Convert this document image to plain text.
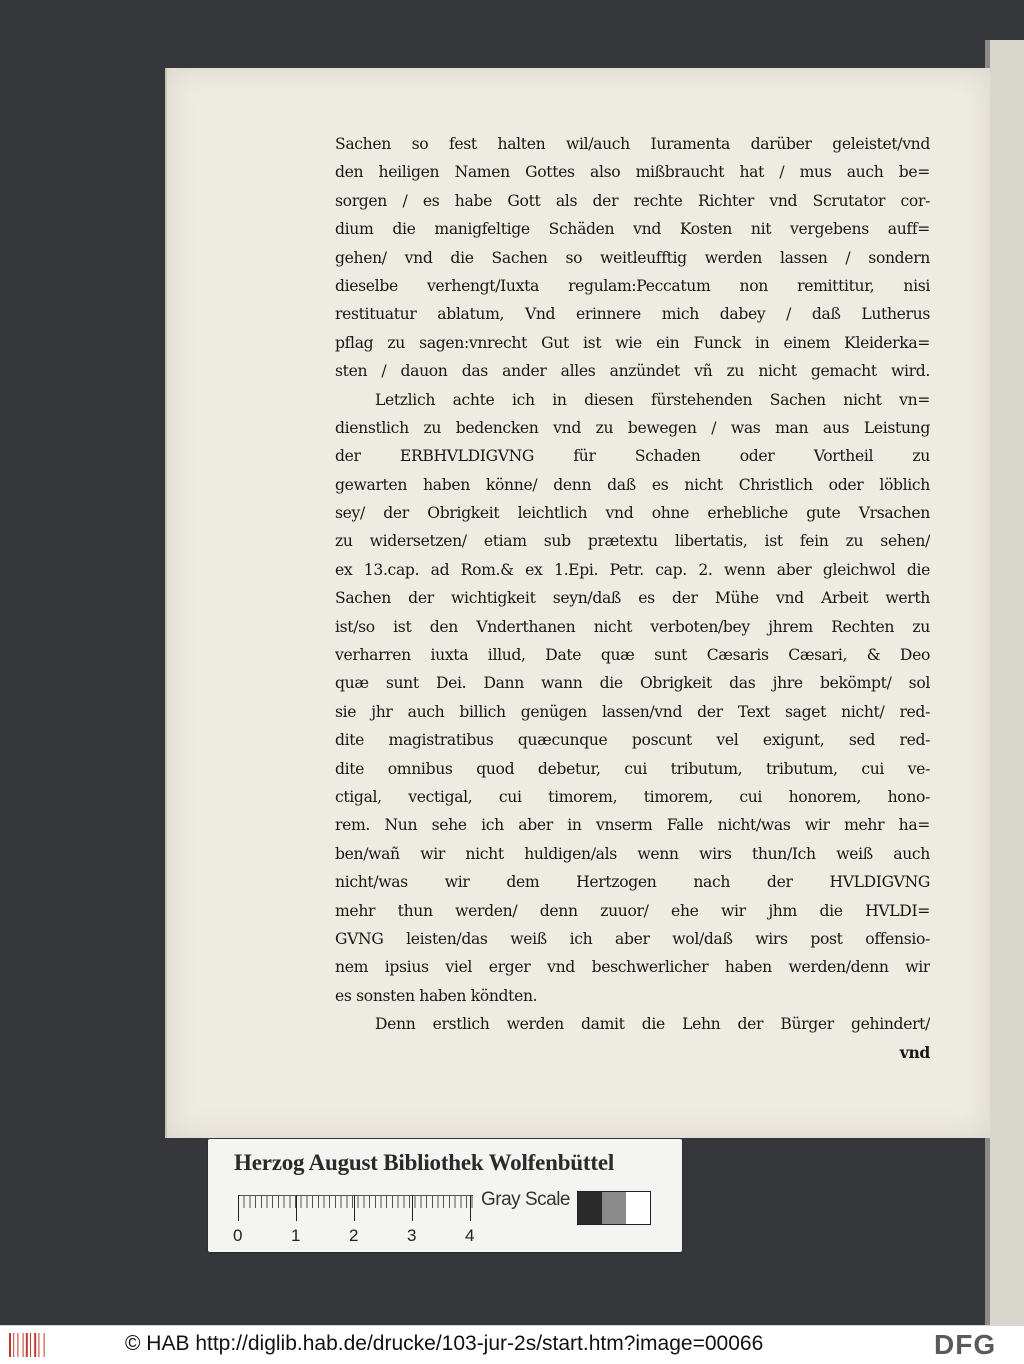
Sachen so fest halten wil/auch Iuramenta darüber geleistet/vnd
den heiligen Namen Gottes also mißbraucht hat / mus auch be=
sorgen / es habe Gott als der rechte Richter vnd Scrutator cor-
dium die manigfeltige Schäden vnd Kosten nit vergebens auff=
gehen/ vnd die Sachen so weitleufftig werden lassen / sondern
dieselbe verhengt/Iuxta regulam:Peccatum non remittitur, nisi
restituatur ablatum, Vnd erinnere mich dabey / daß Lutherus
pflag zu sagen:vnrecht Gut ist wie ein Funck in einem Kleiderka=
sten / dauon das ander alles anzündet vñ zu nicht gemacht wird.
Letzlich achte ich in diesen fürstehenden Sachen nicht vn=
dienstlich zu bedencken vnd zu bewegen / was man aus Leistung
der ERBHVLDIGVNG für Schaden oder Vortheil zu
gewarten haben könne/ denn daß es nicht Christlich oder löblich
sey/ der Obrigkeit leichtlich vnd ohne erhebliche gute Vrsachen
zu widersetzen/ etiam sub prætextu libertatis, ist fein zu sehen/
ex 13.cap. ad Rom.& ex 1.Epi. Petr. cap. 2. wenn aber gleichwol die
Sachen der wichtigkeit seyn/daß es der Mühe vnd Arbeit werth
ist/so ist den Vnderthanen nicht verboten/bey jhrem Rechten zu
verharren iuxta illud, Date quæ sunt Cæsaris Cæsari, & Deo
quæ sunt Dei. Dann wann die Obrigkeit das jhre bekömpt/ sol
sie jhr auch billich genügen lassen/vnd der Text saget nicht/ red-
dite magistratibus quæcunque poscunt vel exigunt, sed red-
dite omnibus quod debetur, cui tributum, tributum, cui ve-
ctigal, vectigal, cui timorem, timorem, cui honorem, hono-
rem. Nun sehe ich aber in vnserm Falle nicht/was wir mehr ha=
ben/wañ wir nicht huldigen/als wenn wirs thun/Ich weiß auch
nicht/was wir dem Hertzogen nach der HVLDIGVNG
mehr thun werden/ denn zuuor/ ehe wir jhm die HVLDI=
GVNG leisten/das weiß ich aber wol/daß wirs post offensio-
nem ipsius viel erger vnd beschwerlicher haben werden/denn wir
es sonsten haben köndten.
Denn erstlich werden damit die Lehn der Bürger gehindert/
vnd
Herzog August Bibliothek Wolfenbüttel
0	1	2	3	4
Gray Scale
© HAB http://diglib.hab.de/drucke/103-jur-2s/start.htm?image=00066	DFG
